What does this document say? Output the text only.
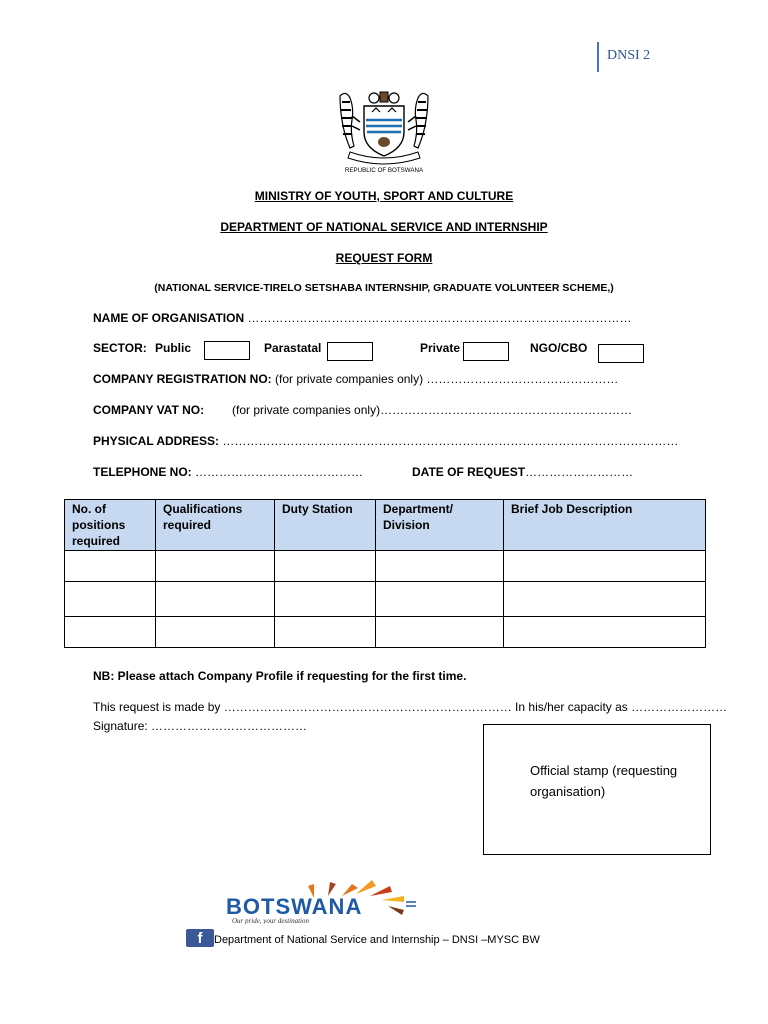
DNSI 2
REPUBLIC OF BOTSWANA
MINISTRY OF YOUTH, SPORT AND CULTURE
DEPARTMENT OF NATIONAL SERVICE AND INTERNSHIP
REQUEST FORM
(NATIONAL SERVICE-TIRELO SETSHABA INTERNSHIP, GRADUATE VOLUNTEER SCHEME,)
NAME OF ORGANISATION ……………………………………………………………………………………
SECTOR: Public	Parastatal	Private	NGO/CBO
COMPANY REGISTRATION NO: (for private companies only) …………………………………………
COMPANY VAT NO: (for private companies only)………………………………………………………
PHYSICAL ADDRESS: ……………………………………………………………………………………………………
TELEPHONE NO: ……………………………………	DATE OF REQUEST………………………
No. of positions required	Qualifications required	Duty Station	Department/ Division	Brief Job Description

NB: Please attach Company Profile if requesting for the first time.
This request is made by ……………………………………………………………… In his/her capacity as ……………………
Signature: …………………………………
Official stamp (requesting organisation)
BOTSWANA
Our pride, your destination
f	Department of National Service and Internship – DNSI –MYSC BW
